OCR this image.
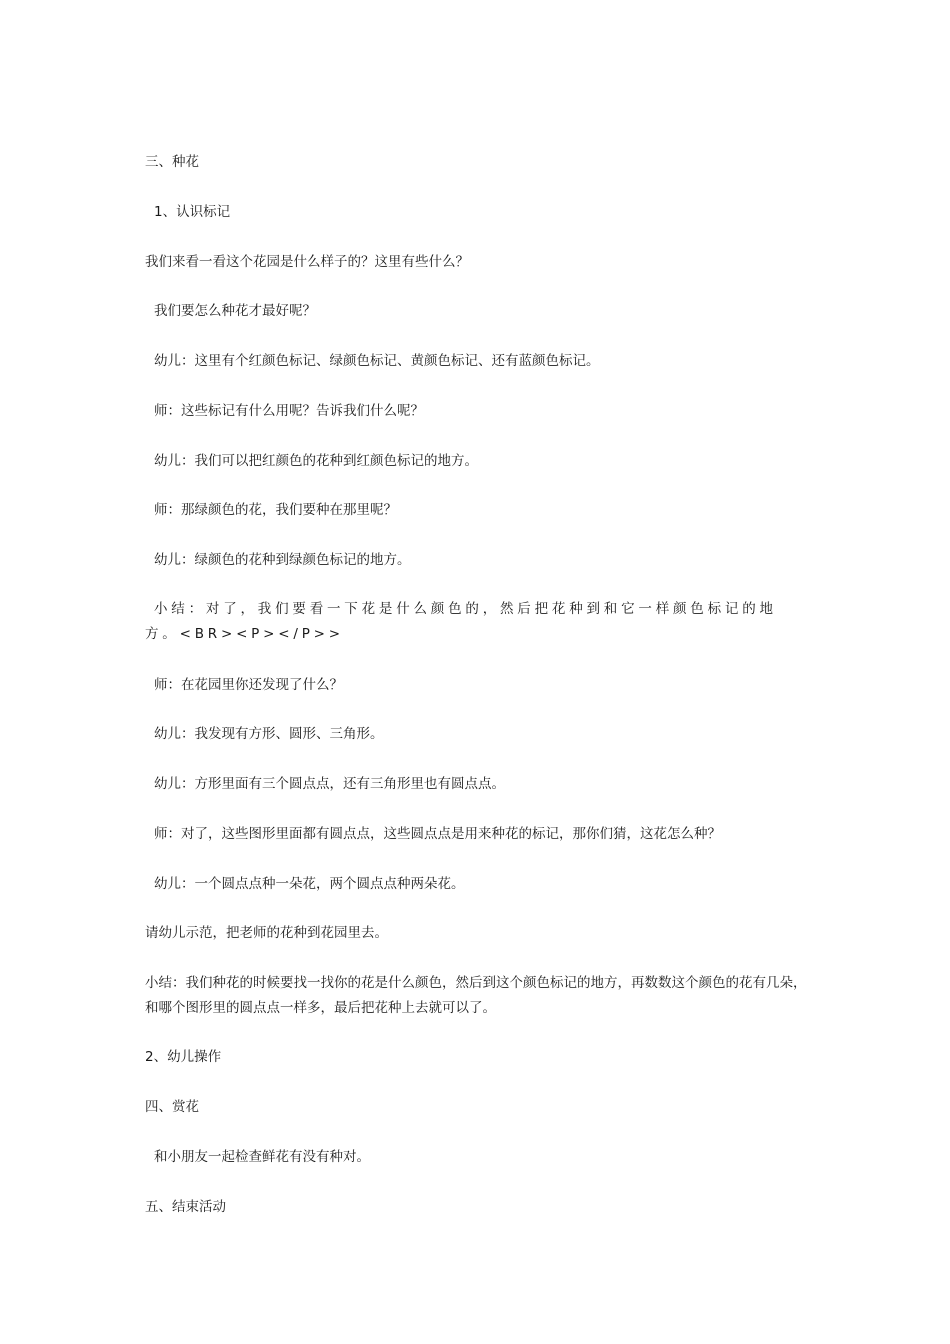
三、种花
1、认识标记
我们来看一看这个花园是什么样子的？这里有些什么？
我们要怎么种花才最好呢？
幼儿：这里有个红颜色标记、绿颜色标记、黄颜色标记、还有蓝颜色标记。
师：这些标记有什么用呢？告诉我们什么呢？
幼儿：我们可以把红颜色的花种到红颜色标记的地方。
师：那绿颜色的花，我们要种在那里呢？
幼儿：绿颜色的花种到绿颜色标记的地方。
小结：对了，我们要看一下花是什么颜色的，然后把花种到和它一样颜色标记的地方。<BR><P></P>>
师：在花园里你还发现了什么？
幼儿：我发现有方形、圆形、三角形。
幼儿：方形里面有三个圆点点，还有三角形里也有圆点点。
师：对了，这些图形里面都有圆点点，这些圆点点是用来种花的标记，那你们猜，这花怎么种？
幼儿：一个圆点点种一朵花，两个圆点点种两朵花。
请幼儿示范，把老师的花种到花园里去。
小结：我们种花的时候要找一找你的花是什么颜色，然后到这个颜色标记的地方，再数数这个颜色的花有几朵，和哪个图形里的圆点点一样多，最后把花种上去就可以了。
2、幼儿操作
四、赏花
和小朋友一起检查鲜花有没有种对。
五、结束活动
